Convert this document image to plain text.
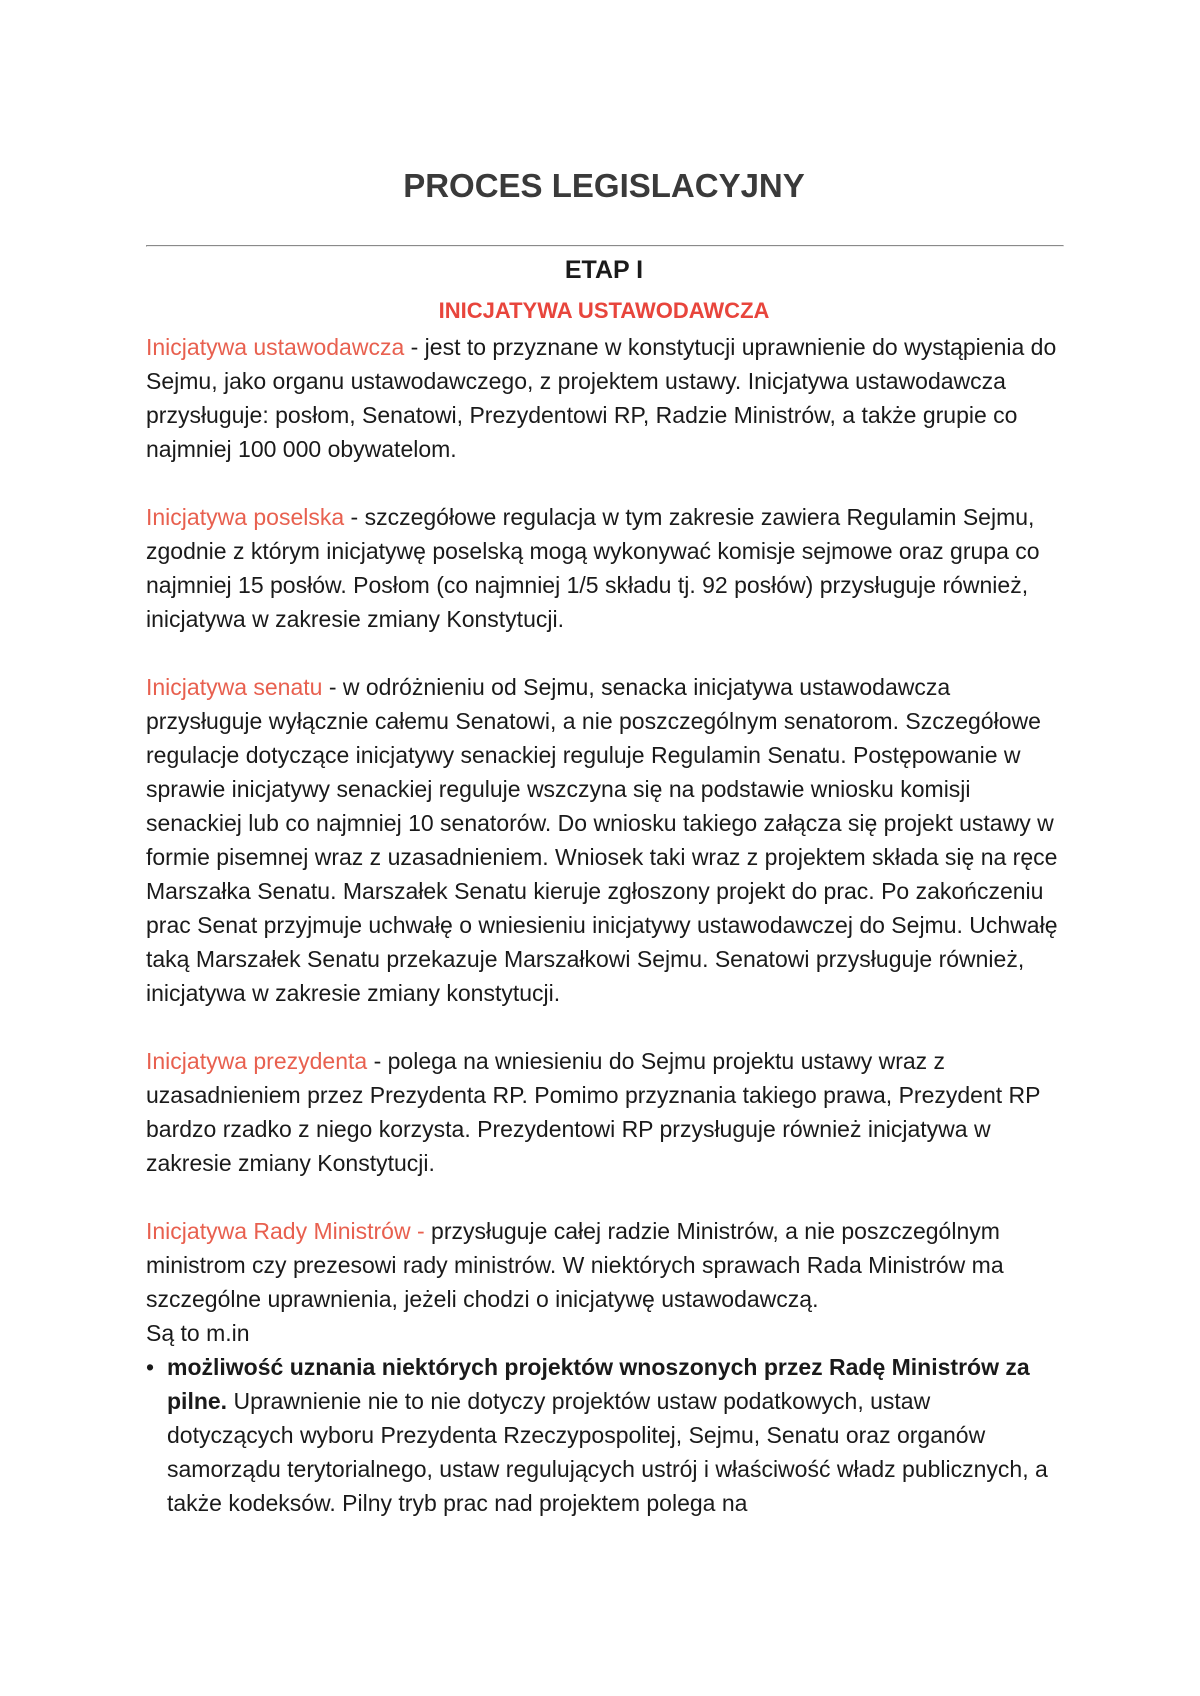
PROCES LEGISLACYJNY
ETAP I
INICJATYWA USTAWODAWCZA

Inicjatywa ustawodawcza - jest to przyznane w konstytucji uprawnienie do wystąpienia do Sejmu, jako organu ustawodawczego, z projektem ustawy. Inicjatywa ustawodawcza przysługuje: posłom, Senatowi, Prezydentowi RP, Radzie Ministrów, a także grupie co najmniej 100 000 obywatelom.

Inicjatywa poselska - szczegółowe regulacja w tym zakresie zawiera Regulamin Sejmu, zgodnie z którym inicjatywę poselską mogą wykonywać komisje sejmowe oraz grupa co najmniej 15 posłów. Posłom (co najmniej 1/5 składu tj. 92 posłów) przysługuje również, inicjatywa w zakresie zmiany Konstytucji.

Inicjatywa senatu - w odróżnieniu od Sejmu, senacka inicjatywa ustawodawcza przysługuje wyłącznie całemu Senatowi, a nie poszczególnym senatorom. Szczegółowe regulacje dotyczące inicjatywy senackiej reguluje Regulamin Senatu. Postępowanie w sprawie inicjatywy senackiej reguluje wszczyna się na podstawie wniosku komisji senackiej lub co najmniej 10 senatorów. Do wniosku takiego załącza się projekt ustawy w formie pisemnej wraz z uzasadnieniem. Wniosek taki wraz z projektem składa się na ręce Marszałka Senatu. Marszałek Senatu kieruje zgłoszony projekt do prac. Po zakończeniu prac Senat przyjmuje uchwałę o wniesieniu inicjatywy ustawodawczej do Sejmu. Uchwałę taką Marszałek Senatu przekazuje Marszałkowi Sejmu. Senatowi przysługuje również, inicjatywa w zakresie zmiany konstytucji.

Inicjatywa prezydenta - polega na wniesieniu do Sejmu projektu ustawy wraz z uzasadnieniem przez Prezydenta RP. Pomimo przyznania takiego prawa, Prezydent RP bardzo rzadko z niego korzysta. Prezydentowi RP przysługuje również inicjatywa w zakresie zmiany Konstytucji.

Inicjatywa Rady Ministrów - przysługuje całej radzie Ministrów, a nie poszczególnym ministrom czy prezesowi rady ministrów. W niektórych sprawach Rada Ministrów ma szczególne uprawnienia, jeżeli chodzi o inicjatywę ustawodawczą.
Są to m.in

• możliwość uznania niektórych projektów wnoszonych przez Radę Ministrów za pilne. Uprawnienie nie to nie dotyczy projektów ustaw podatkowych, ustaw dotyczących wyboru Prezydenta Rzeczypospolitej, Sejmu, Senatu oraz organów samorządu terytorialnego, ustaw regulujących ustrój i właściwość władz publicznych, a także kodeksów. Pilny tryb prac nad projektem polega na
